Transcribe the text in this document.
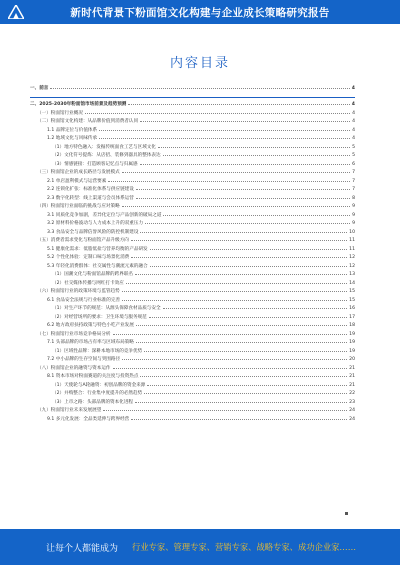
新时代背景下粉面馆文化构建与企业成长策略研究报告
内容目录
一、前言	4
二、2025-2030年粉面馆市场前景及趋势预测	4
（一）粉面馆行业概况	4
（二）粉面馆文化构建：从品牌价值到消费者认同	4
1.1 品牌定位与价值体系	4
1.2 地域文化与风味传承	4
（1）地方特色融入：发掘传统面食工艺与区域文化	5
（2）文化符号提炼：从店招、装修到器具的整体表达	5
（3）情感链接：打造顾客记忆点与归属感	6
（三）粉面馆企业的成长路径与发展模式	7
2.1 单店盈利模式与运营要素	7
2.2 连锁化扩张：标准化体系与供应链建设	7
2.3 数字化转型：线上渠道与会员体系运营	8
（四）粉面馆行业面临的挑战与应对策略	9
3.1 同质化竞争加剧，差异化定位与产品创新的破局之道	9
3.2 原材料价格波动与人力成本上升的双重压力	9
3.3 食品安全与品牌信誉风险的防控机制建设	10
（五）消费者需求变化与粉面馆产品升级方向	11
5.1 健康化需求：低脂低盐与营养均衡的产品研发	11
5.2 个性化体验：定制口味与场景化消费	12
5.3 年轻化消费群体：社交属性与潮流元素的融合	12
（1）国潮文化与粉面馆品牌的跨界联名	13
（2）社交媒体传播与网红打卡效应	14
（六）粉面馆行业的政策环境与监管趋势	15
6.1 食品安全法规与行业标准的完善	15
（1）对生产环节的规范：从源头保障食材品质与安全	16
（2）对经营场所的要求：卫生环境与服务规范	17
6.2 地方政府扶持政策与特色小吃产业发展	18
（七）粉面馆行业市场竞争格局分析	19
7.1 头部品牌的市场占有率与区域布局策略	19
（1）区域性品牌：深耕本地市场的竞争优势	19
7.2 中小品牌的生存空间与突围路径	20
（八）粉面馆企业的融资与资本运作	21
8.1 资本市场对粉面赛道的关注度与投资热点	21
（1）天使轮与A轮融资：初创品牌的资金来源	21
（2）并购整合：行业集中度提升的必然趋势	22
（3）上市之路：头部品牌的资本化进程	23
（九）粉面馆行业未来发展展望	24
9.1 多元化发展：全品类延伸与跨界经营	24
让每个人都能成为 行业专家、管理专家、营销专家、战略专家、成功企业家……
